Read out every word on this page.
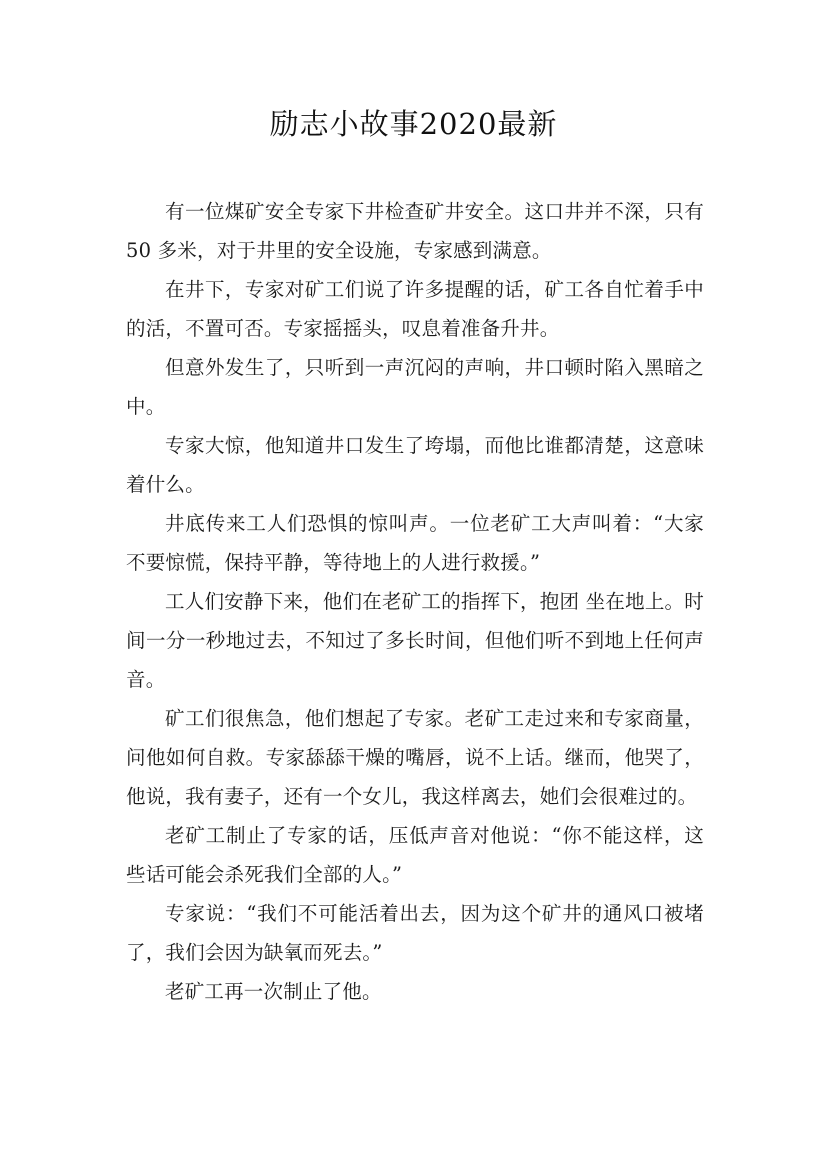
励志小故事2020最新

有一位煤矿安全专家下井检查矿井安全。这口井并不深，只有 50 多米，对于井里的安全设施，专家感到满意。

在井下，专家对矿工们说了许多提醒的话，矿工各自忙着手中的活，不置可否。专家摇摇头，叹息着准备升井。

但意外发生了，只听到一声沉闷的声响，井口顿时陷入黑暗之中。

专家大惊，他知道井口发生了垮塌，而他比谁都清楚，这意味着什么。

井底传来工人们恐惧的惊叫声。一位老矿工大声叫着：“大家不要惊慌，保持平静，等待地上的人进行救援。”

工人们安静下来，他们在老矿工的指挥下，抱团 坐在地上。时间一分一秒地过去，不知过了多长时间，但他们听不到地上任何声音。

矿工们很焦急，他们想起了专家。老矿工走过来和专家商量，问他如何自救。专家舔舔干燥的嘴唇，说不上话。继而，他哭了，他说，我有妻子，还有一个女儿，我这样离去，她们会很难过的。

老矿工制止了专家的话，压低声音对他说：“你不能这样，这些话可能会杀死我们全部的人。”

专家说：“我们不可能活着出去，因为这个矿井的通风口被堵了，我们会因为缺氧而死去。”

老矿工再一次制止了他。
